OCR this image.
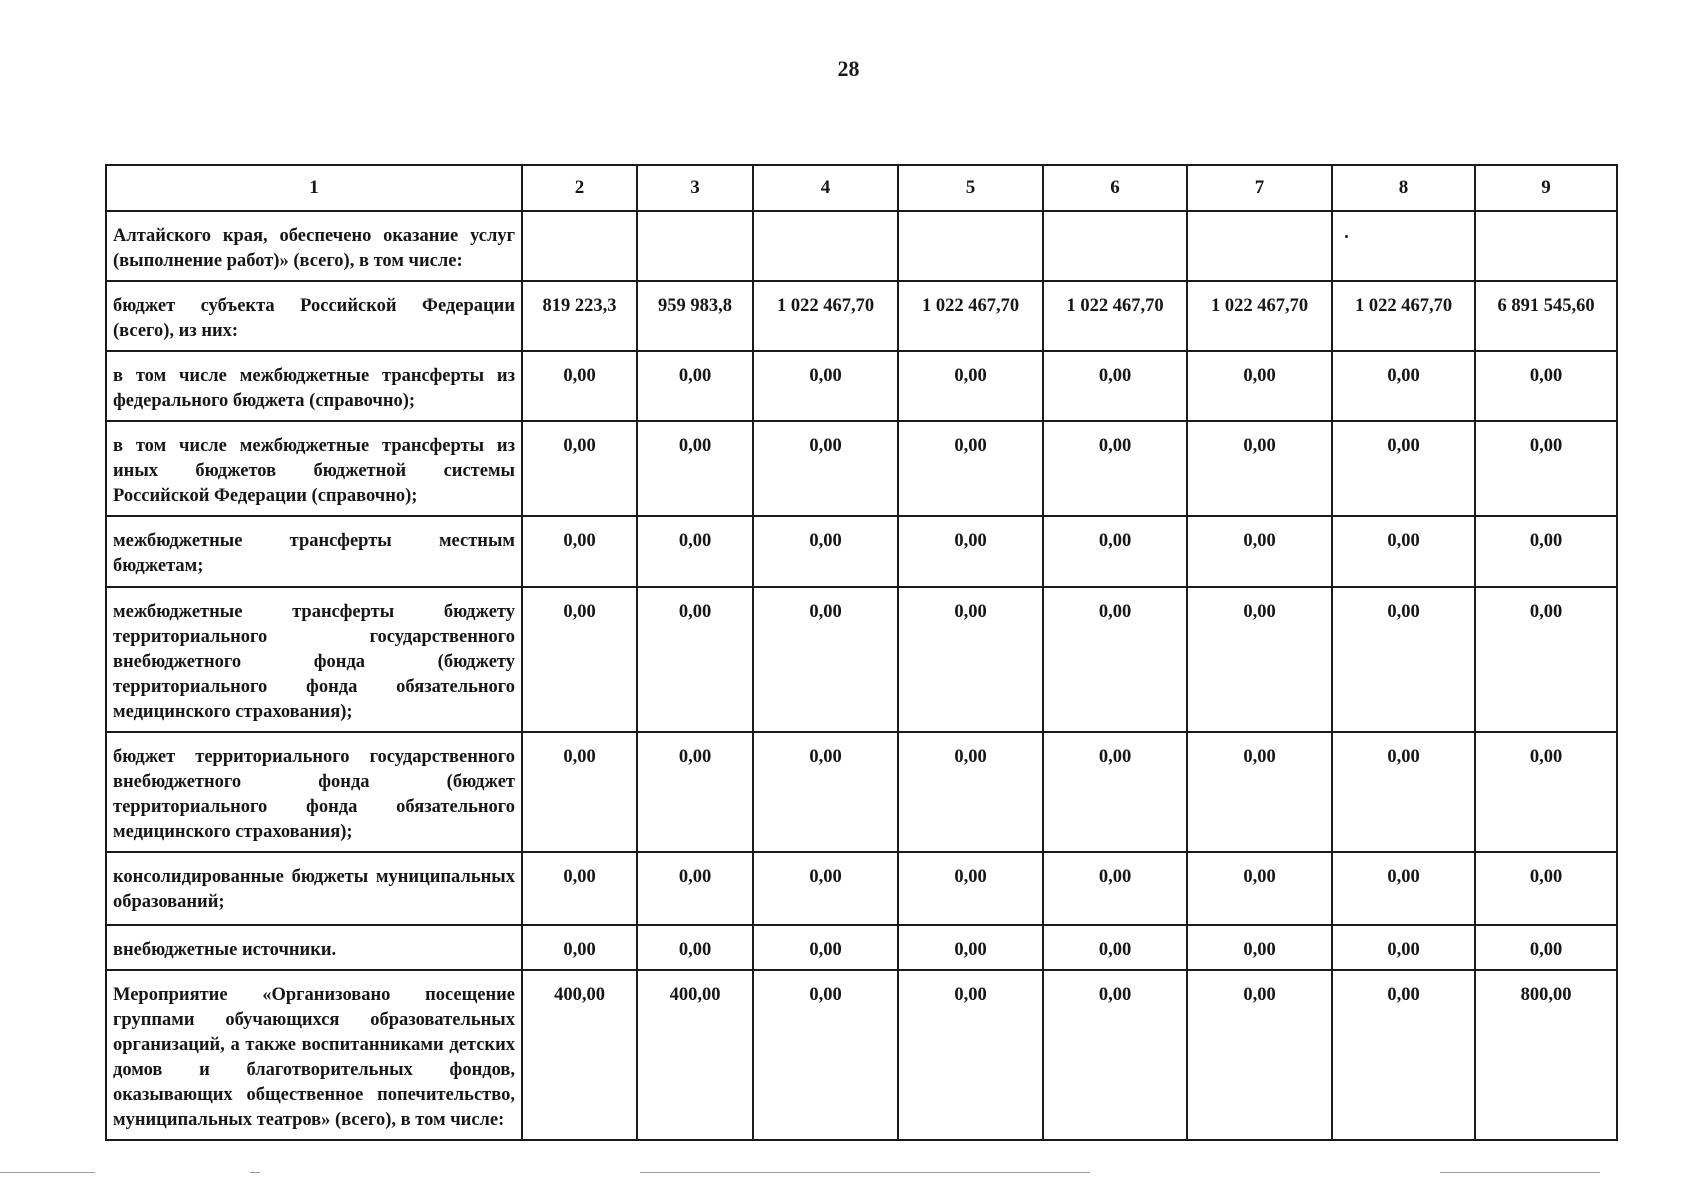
28
1	2	3	4	5	6	7	8	9
Алтайского края, обеспечено оказание услуг (выполнение работ)» (всего), в том числе:								
бюджет субъекта Российской Федерации (всего), из них:	819 223,3	959 983,8	1 022 467,70	1 022 467,70	1 022 467,70	1 022 467,70	1 022 467,70	6 891 545,60
в том числе межбюджетные трансферты из федерального бюджета (справочно);	0,00	0,00	0,00	0,00	0,00	0,00	0,00	0,00
в том числе межбюджетные трансферты из иных бюджетов бюджетной системы Российской Федерации (справочно);	0,00	0,00	0,00	0,00	0,00	0,00	0,00	0,00
межбюджетные трансферты местным бюджетам;	0,00	0,00	0,00	0,00	0,00	0,00	0,00	0,00
межбюджетные трансферты бюджету территориального государственного внебюджетного фонда (бюджету территориального фонда обязательного медицинского страхования);	0,00	0,00	0,00	0,00	0,00	0,00	0,00	0,00
бюджет территориального государственного внебюджетного фонда (бюджет территориального фонда обязательного медицинского страхования);	0,00	0,00	0,00	0,00	0,00	0,00	0,00	0,00
консолидированные бюджеты муниципальных образований;	0,00	0,00	0,00	0,00	0,00	0,00	0,00	0,00
внебюджетные источники.	0,00	0,00	0,00	0,00	0,00	0,00	0,00	0,00
Мероприятие «Организовано посещение группами обучающихся образовательных организаций, а также воспитанниками детских домов и благотворительных фондов, оказывающих общественное попечительство, муниципальных театров» (всего), в том числе:	400,00	400,00	0,00	0,00	0,00	0,00	0,00	800,00
